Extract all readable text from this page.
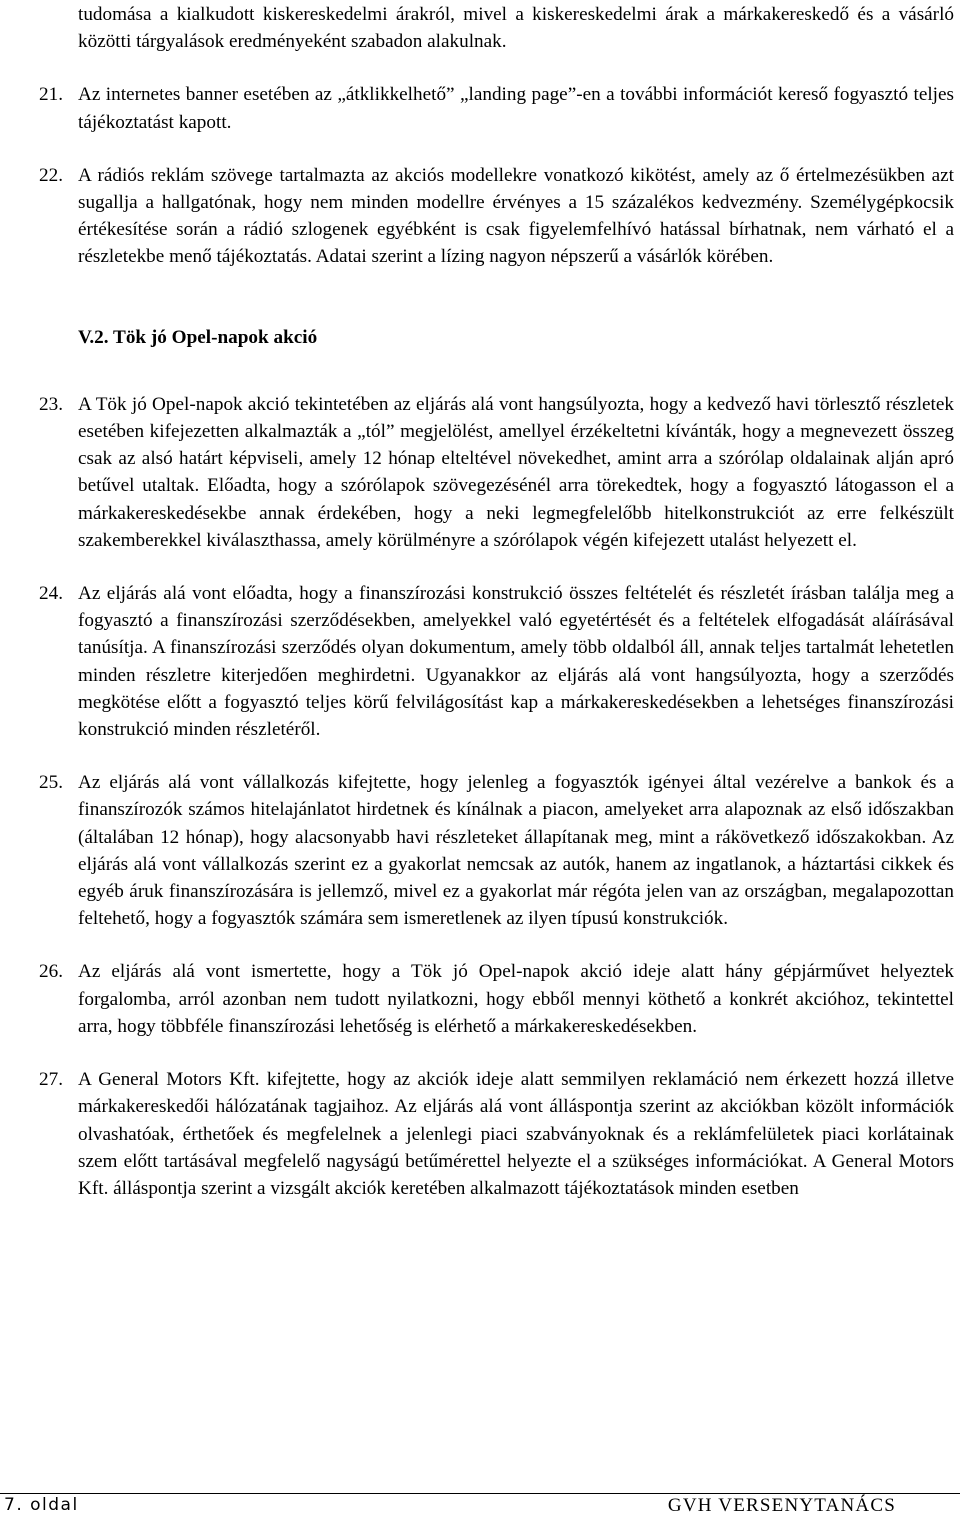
tudomása a kialkudott kiskereskedelmi árakról, mivel a kiskereskedelmi árak a márkakereskedő és a vásárló közötti tárgyalások eredményeként szabadon alakulnak.

21. Az internetes banner esetében az „átklikkelhető” „landing page”-en a további információt kereső fogyasztó teljes tájékoztatást kapott.
22. A rádiós reklám szövege tartalmazta az akciós modellekre vonatkozó kikötést, amely az ő értelmezésükben azt sugallja a hallgatónak, hogy nem minden modellre érvényes a 15 százalékos kedvezmény. Személygépkocsik értékesítése során a rádió szlogenek egyébként is csak figyelemfelhívó hatással bírhatnak, nem várható el a részletekbe menő tájékoztatás. Adatai szerint a lízing nagyon népszerű a vásárlók körében.

V.2. Tök jó Opel-napok akció

23. A Tök jó Opel-napok akció tekintetében az eljárás alá vont hangsúlyozta, hogy a kedvező havi törlesztő részletek esetében kifejezetten alkalmazták a „tól” megjelölést, amellyel érzékeltetni kívánták, hogy a megnevezett összeg csak az alsó határt képviseli, amely 12 hónap elteltével növekedhet, amint arra a szórólap oldalainak alján apró betűvel utaltak. Előadta, hogy a szórólapok szövegezésénél arra törekedtek, hogy a fogyasztó látogasson el a márkakereskedésekbe annak érdekében, hogy a neki legmegfelelőbb hitelkonstrukciót az erre felkészült szakemberekkel kiválaszthassa, amely körülményre a szórólapok végén kifejezett utalást helyezett el.
24. Az eljárás alá vont előadta, hogy a finanszírozási konstrukció összes feltételét és részletét írásban találja meg a fogyasztó a finanszírozási szerződésekben, amelyekkel való egyetértését és a feltételek elfogadását aláírásával tanúsítja. A finanszírozási szerződés olyan dokumentum, amely több oldalból áll, annak teljes tartalmát lehetetlen minden részletre kiterjedően meghirdetni. Ugyanakkor az eljárás alá vont hangsúlyozta, hogy a szerződés megkötése előtt a fogyasztó teljes körű felvilágosítást kap a márkakereskedésekben a lehetséges finanszírozási konstrukció minden részletéről.
25. Az eljárás alá vont vállalkozás kifejtette, hogy jelenleg a fogyasztók igényei által vezérelve a bankok és a finanszírozók számos hitelajánlatot hirdetnek és kínálnak a piacon, amelyeket arra alapoznak az első időszakban (általában 12 hónap), hogy alacsonyabb havi részleteket állapítanak meg, mint a rákövetkező időszakokban. Az eljárás alá vont vállalkozás szerint ez a gyakorlat nemcsak az autók, hanem az ingatlanok, a háztartási cikkek és egyéb áruk finanszírozására is jellemző, mivel ez a gyakorlat már régóta jelen van az országban, megalapozottan feltehető, hogy a fogyasztók számára sem ismeretlenek az ilyen típusú konstrukciók.
26. Az eljárás alá vont ismertette, hogy a Tök jó Opel-napok akció ideje alatt hány gépjárművet helyeztek forgalomba, arról azonban nem tudott nyilatkozni, hogy ebből mennyi köthető a konkrét akcióhoz, tekintettel arra, hogy többféle finanszírozási lehetőség is elérhető a márkakereskedésekben.
27. A General Motors Kft. kifejtette, hogy az akciók ideje alatt semmilyen reklamáció nem érkezett hozzá illetve márkakereskedői hálózatának tagjaihoz. Az eljárás alá vont álláspontja szerint az akciókban közölt információk olvashatóak, érthetőek és megfelelnek a jelenlegi piaci szabványoknak és a reklámfelületek piaci korlátainak szem előtt tartásával megfelelő nagyságú betűmérettel helyezte el a szükséges információkat. A General Motors Kft. álláspontja szerint a vizsgált akciók keretében alkalmazott tájékoztatások minden esetben
7. oldal	GVH VERSENYTANÁCS
